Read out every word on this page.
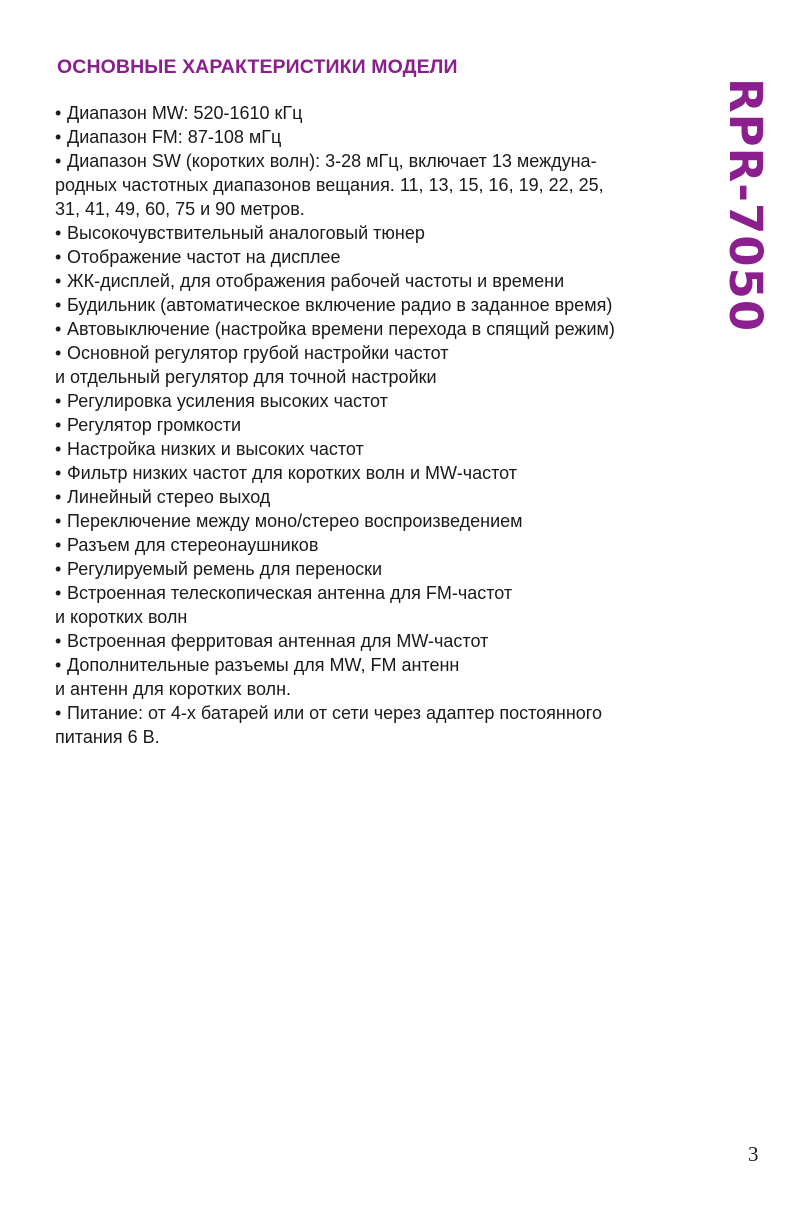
ОСНОВНЫЕ ХАРАКТЕРИСТИКИ МОДЕЛИ
• Диапазон MW: 520-1610 кГц
• Диапазон FM: 87-108 мГц
• Диапазон SW (коротких волн): 3-28 мГц, включает 13 междуна-
родных частотных диапазонов вещания. 11, 13, 15, 16, 19, 22, 25,
31, 41, 49, 60, 75 и 90 метров.
• Высокочувствительный аналоговый тюнер
• Отображение частот на дисплее
• ЖК-дисплей, для отображения рабочей частоты и времени
• Будильник (автоматическое включение радио в заданное время)
• Автовыключение (настройка времени перехода в спящий режим)
• Основной регулятор грубой настройки частот
и отдельный регулятор для точной настройки
• Регулировка усиления высоких частот
• Регулятор громкости
• Настройка низких и высоких частот
• Фильтр низких частот для коротких волн и MW-частот
• Линейный стерео выход
• Переключение между моно/стерео воспроизведением
• Разъем для стереонаушников
• Регулируемый ремень для переноски
• Встроенная телескопическая антенна для FM-частот
и коротких волн
• Встроенная ферритовая антенная для MW-частот
• Дополнительные разъемы для MW, FM антенн
и антенн для коротких волн.
• Питание: от 4-х батарей или от сети через адаптер постоянного
питания 6 В.
RPR-7050
3
